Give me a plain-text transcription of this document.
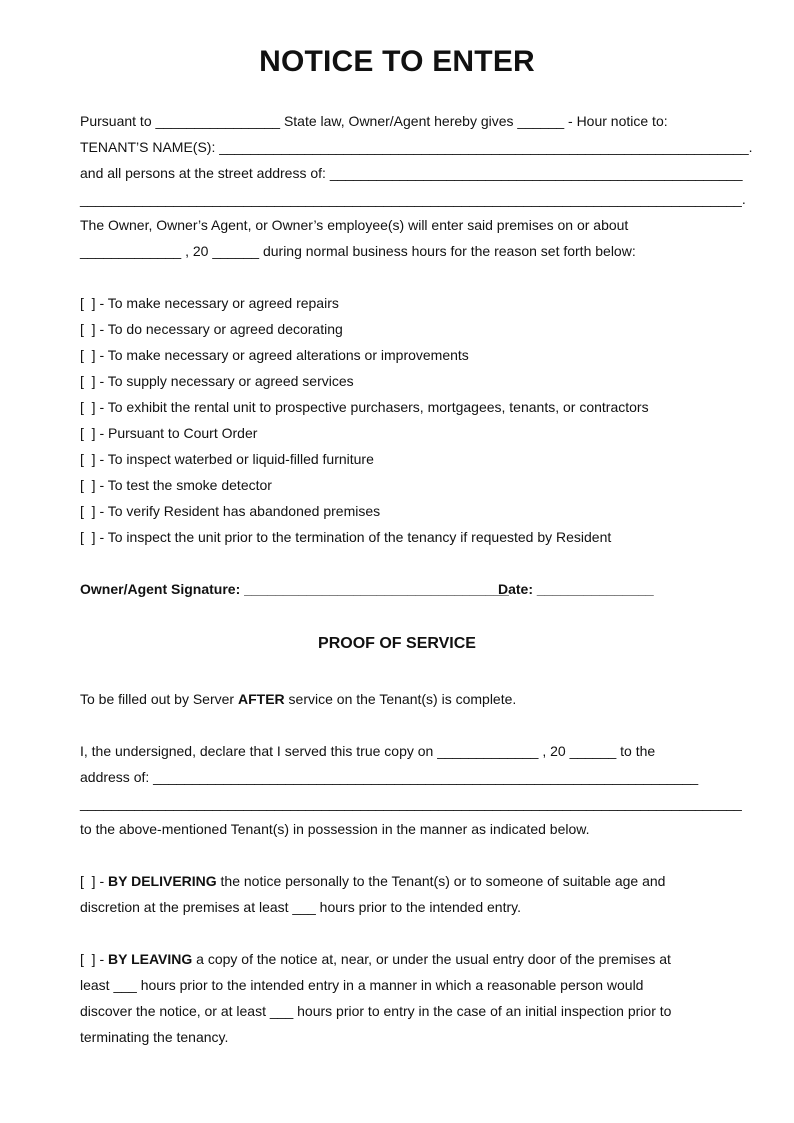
NOTICE TO ENTER
Pursuant to ________________ State law, Owner/Agent hereby gives ______ - Hour notice to:
TENANT’S NAME(S): ____________________________________________________________________.
and all persons at the street address of: _____________________________________________________
_____________________________________________________________________________________.
The Owner, Owner’s Agent, or Owner’s employee(s) will enter said premises on or about
_____________ , 20 ______ during normal business hours for the reason set forth below:
[  ] - To make necessary or agreed repairs
[  ] - To do necessary or agreed decorating
[  ] - To make necessary or agreed alterations or improvements
[  ] - To supply necessary or agreed services
[  ] - To exhibit the rental unit to prospective purchasers, mortgagees, tenants, or contractors
[  ] - Pursuant to Court Order
[  ] - To inspect waterbed or liquid-filled furniture
[  ] - To test the smoke detector
[  ] - To verify Resident has abandoned premises
[  ] - To inspect the unit prior to the termination of the tenancy if requested by Resident
Owner/Agent Signature: __________________________________
Date: _______________
PROOF OF SERVICE
To be filled out by Server AFTER service on the Tenant(s) is complete.
I, the undersigned, declare that I served this true copy on _____________ , 20 ______ to the
address of: ______________________________________________________________________
_____________________________________________________________________________________
to the above-mentioned Tenant(s) in possession in the manner as indicated below.
[  ] - BY DELIVERING the notice personally to the Tenant(s) or to someone of suitable age and
discretion at the premises at least ___ hours prior to the intended entry.
[  ] - BY LEAVING a copy of the notice at, near, or under the usual entry door of the premises at
least ___ hours prior to the intended entry in a manner in which a reasonable person would
discover the notice, or at least ___ hours prior to entry in the case of an initial inspection prior to
terminating the tenancy.
